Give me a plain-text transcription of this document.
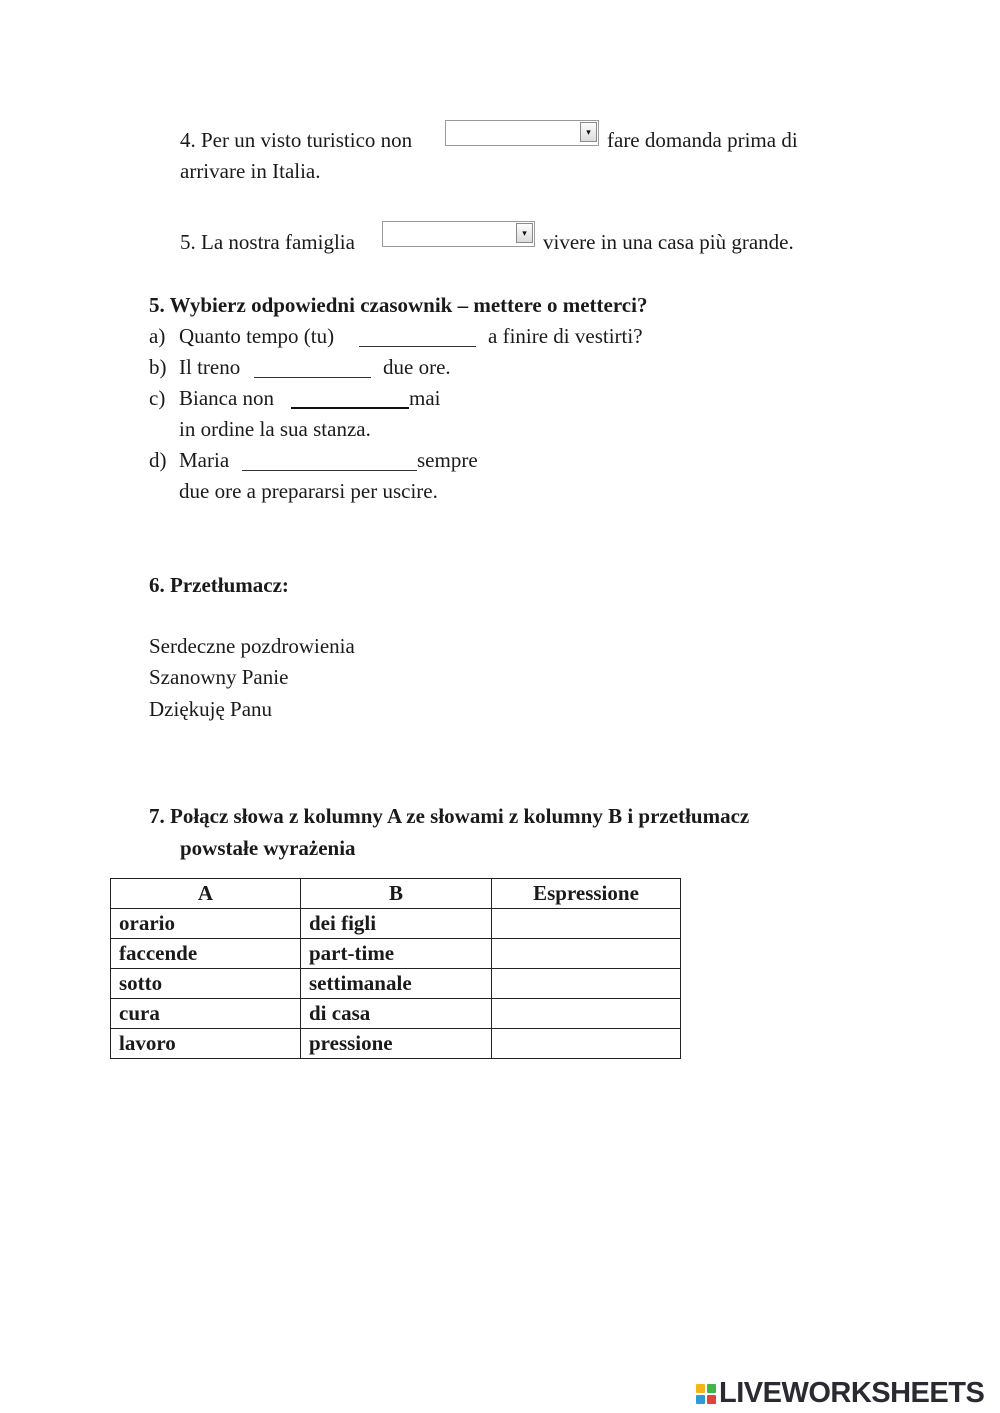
4. Per un visto turistico non	▾ fare domanda prima di
arrivare in Italia.
5. La nostra famiglia	▾ vivere in una casa più grande.
5. Wybierz odpowiedni czasownik – mettere o metterci?
a) Quanto tempo (tu)	a finire di vestirti?
b) Il treno	due ore.
c) Bianca non	mai
in ordine la sua stanza.
d) Maria	sempre
due ore a prepararsi per uscire.
6. Przetłumacz:
Serdeczne pozdrowienia
Szanowny Panie
Dziękuję Panu
7. Połącz słowa z kolumny A ze słowami z kolumny B i przetłumacz
powstałe wyrażenia
A	B	Espressione
orario	dei figli	
faccende	part-time	
sotto	settimanale	
cura	di casa	
lavoro	pressione	
LIVEWORKSHEETS
